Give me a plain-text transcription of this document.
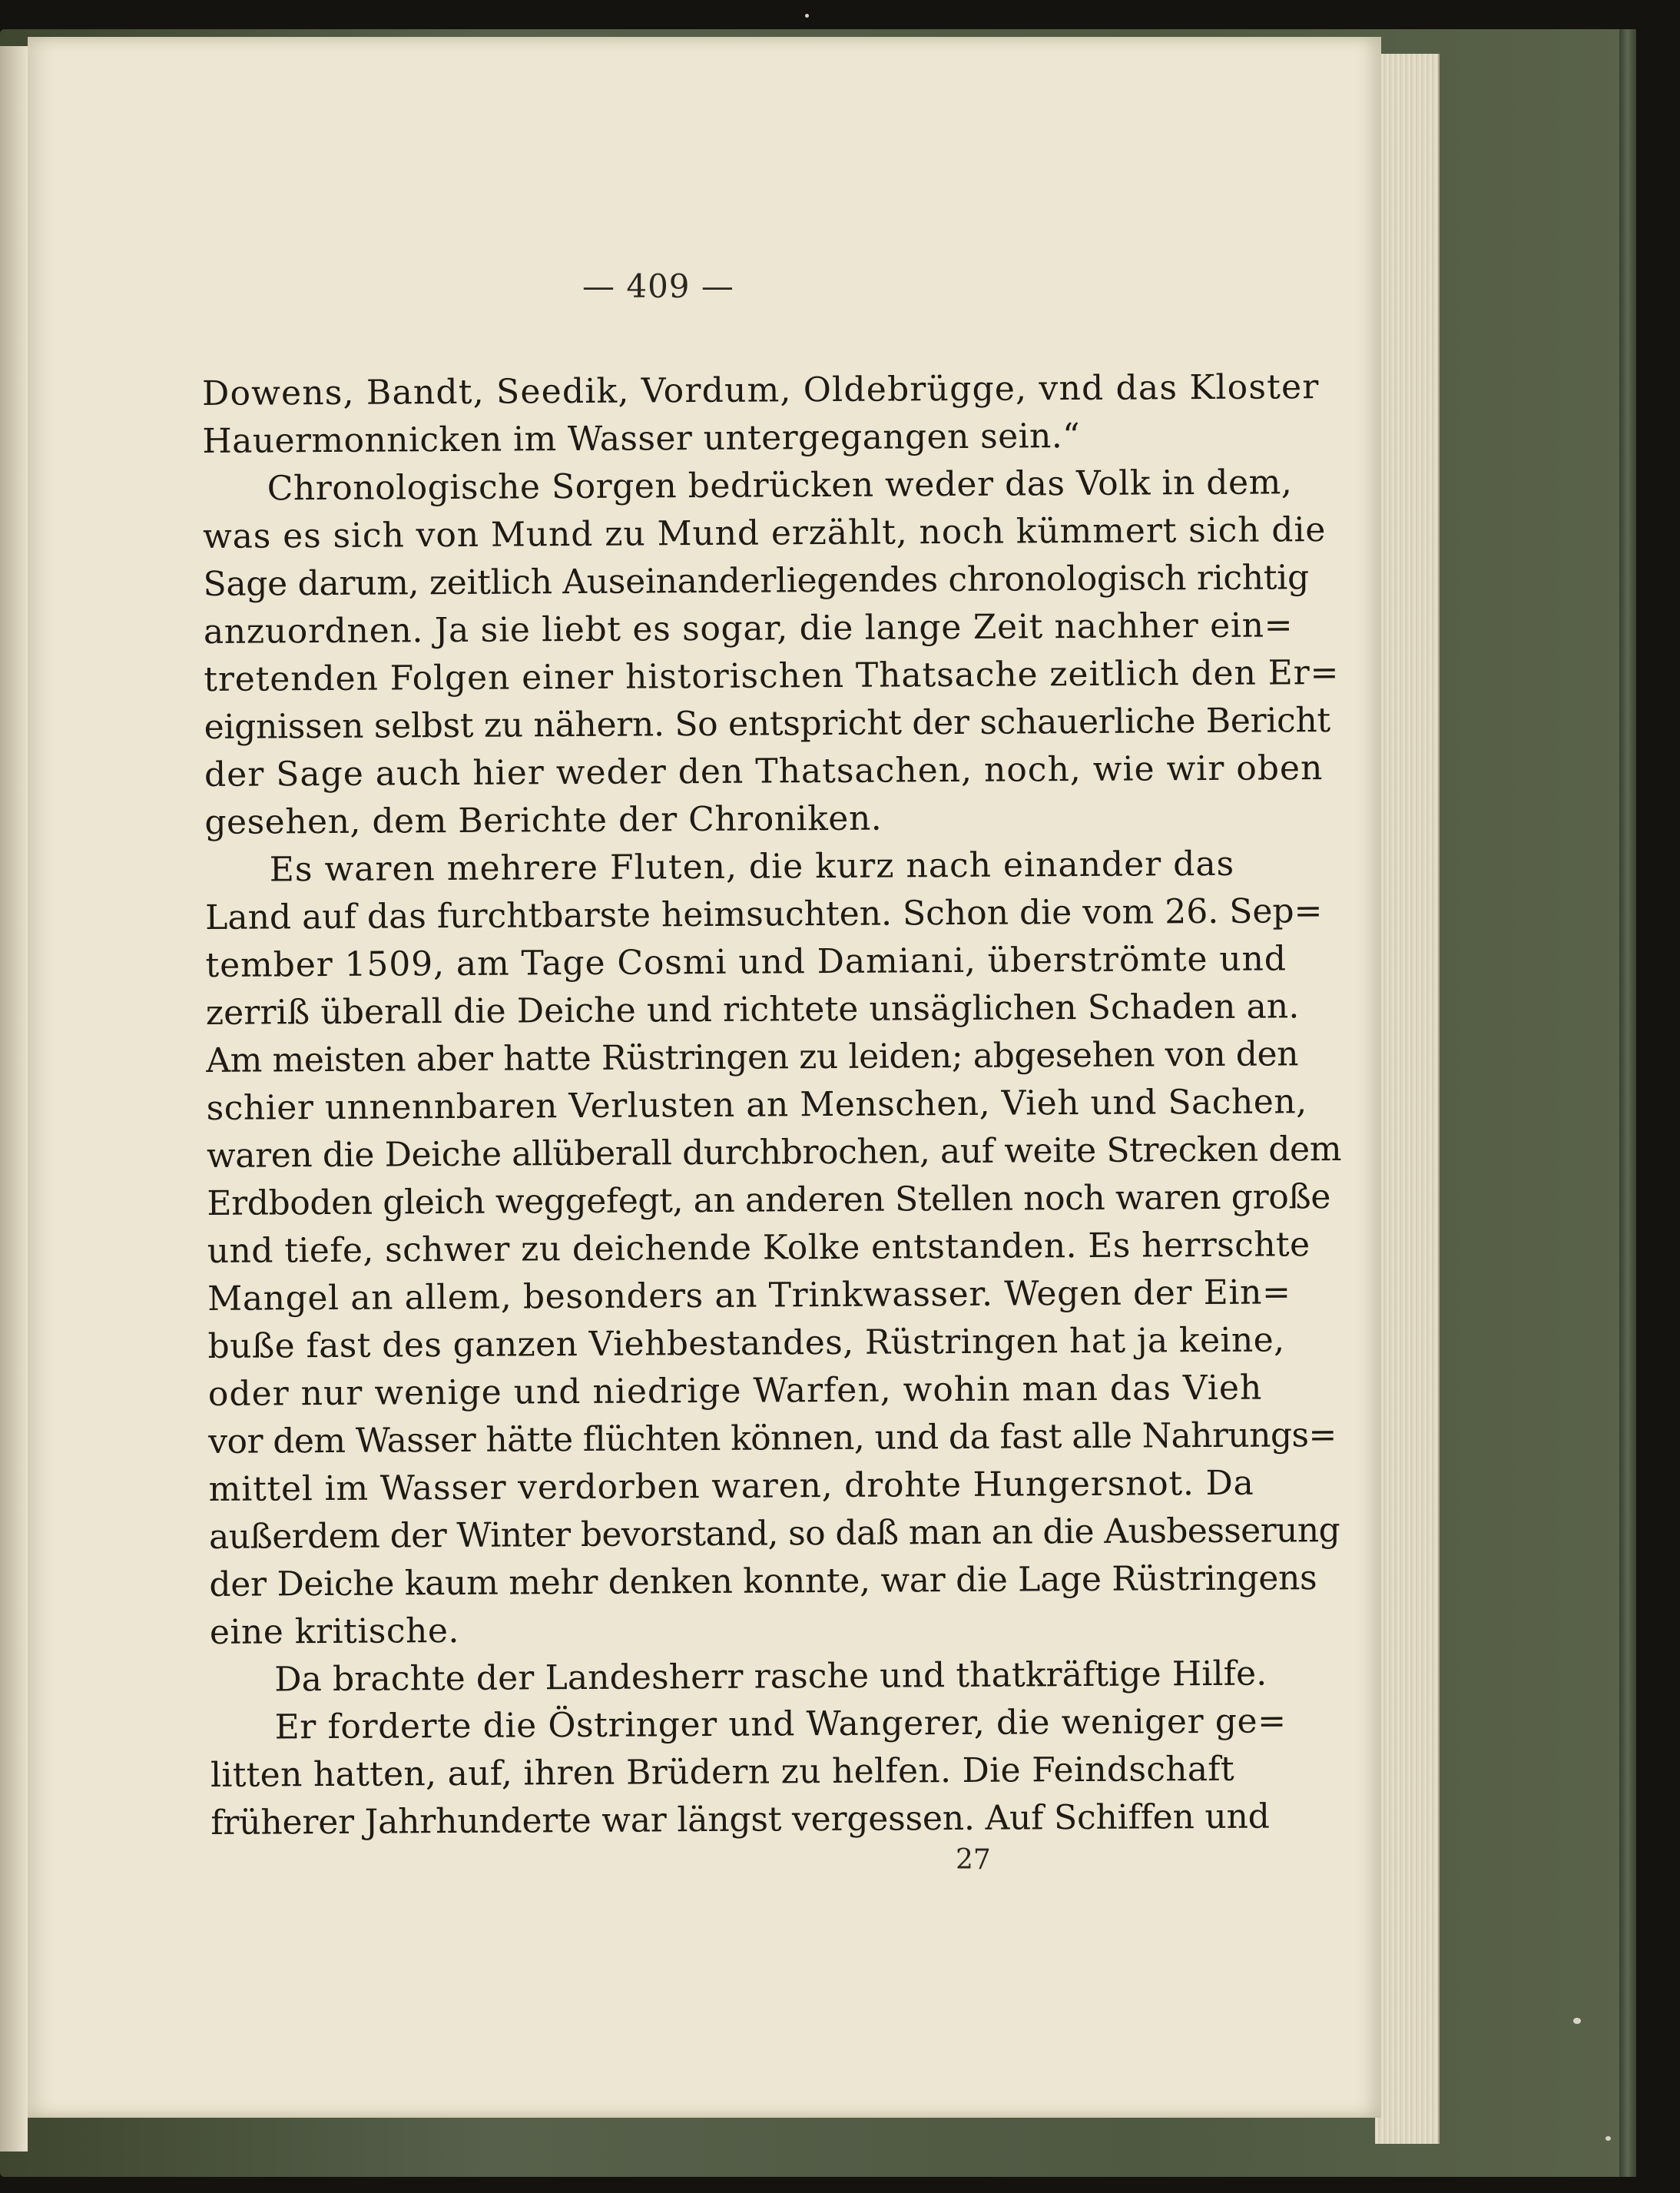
— 409 —
Dowens, Bandt, Seedik, Vordum, Oldebrügge, vnd das Kloster
Hauermonnicken im Wasser untergegangen sein.“
Chronologische Sorgen bedrücken weder das Volk in dem,
was es sich von Mund zu Mund erzählt, noch kümmert sich die
Sage darum, zeitlich Auseinanderliegendes chronologisch richtig
anzuordnen. Ja sie liebt es sogar, die lange Zeit nachher ein=
tretenden Folgen einer historischen Thatsache zeitlich den Er=
eignissen selbst zu nähern. So entspricht der schauerliche Bericht
der Sage auch hier weder den Thatsachen, noch, wie wir oben
gesehen, dem Berichte der Chroniken.
Es waren mehrere Fluten, die kurz nach einander das
Land auf das furchtbarste heimsuchten. Schon die vom 26. Sep=
tember 1509, am Tage Cosmi und Damiani, überströmte und
zerriß überall die Deiche und richtete unsäglichen Schaden an.
Am meisten aber hatte Rüstringen zu leiden; abgesehen von den
schier unnennbaren Verlusten an Menschen, Vieh und Sachen,
waren die Deiche allüberall durchbrochen, auf weite Strecken dem
Erdboden gleich weggefegt, an anderen Stellen noch waren große
und tiefe, schwer zu deichende Kolke entstanden. Es herrschte
Mangel an allem, besonders an Trinkwasser. Wegen der Ein=
buße fast des ganzen Viehbestandes, Rüstringen hat ja keine,
oder nur wenige und niedrige Warfen, wohin man das Vieh
vor dem Wasser hätte flüchten können, und da fast alle Nahrungs=
mittel im Wasser verdorben waren, drohte Hungersnot. Da
außerdem der Winter bevorstand, so daß man an die Ausbesserung
der Deiche kaum mehr denken konnte, war die Lage Rüstringens
eine kritische.
Da brachte der Landesherr rasche und thatkräftige Hilfe.
Er forderte die Östringer und Wangerer, die weniger ge=
litten hatten, auf, ihren Brüdern zu helfen. Die Feindschaft
früherer Jahrhunderte war längst vergessen. Auf Schiffen und
27
